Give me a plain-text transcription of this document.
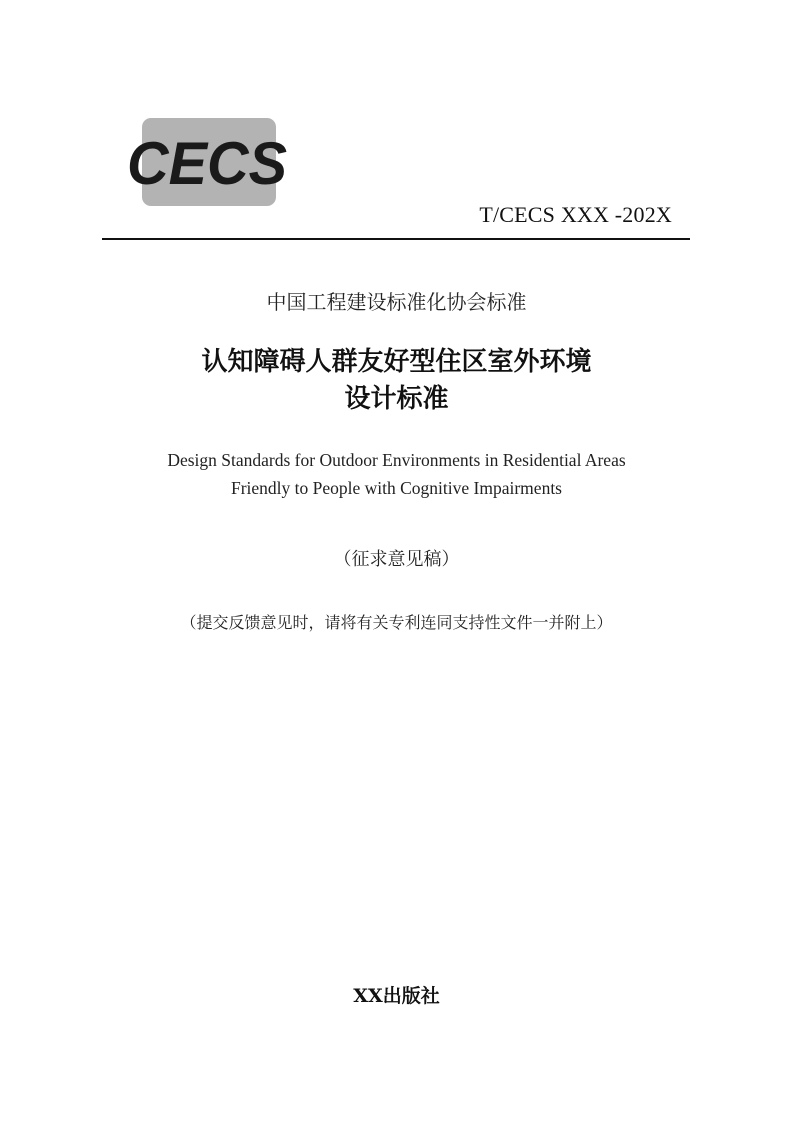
CECS
T/CECS XXX -202X
中国工程建设标准化协会标准
认知障碍人群友好型住区室外环境
设计标准
Design Standards for Outdoor Environments in Residential Areas
Friendly to People with Cognitive Impairments
（征求意见稿）
（提交反馈意见时，请将有关专利连同支持性文件一并附上）
XX出版社
